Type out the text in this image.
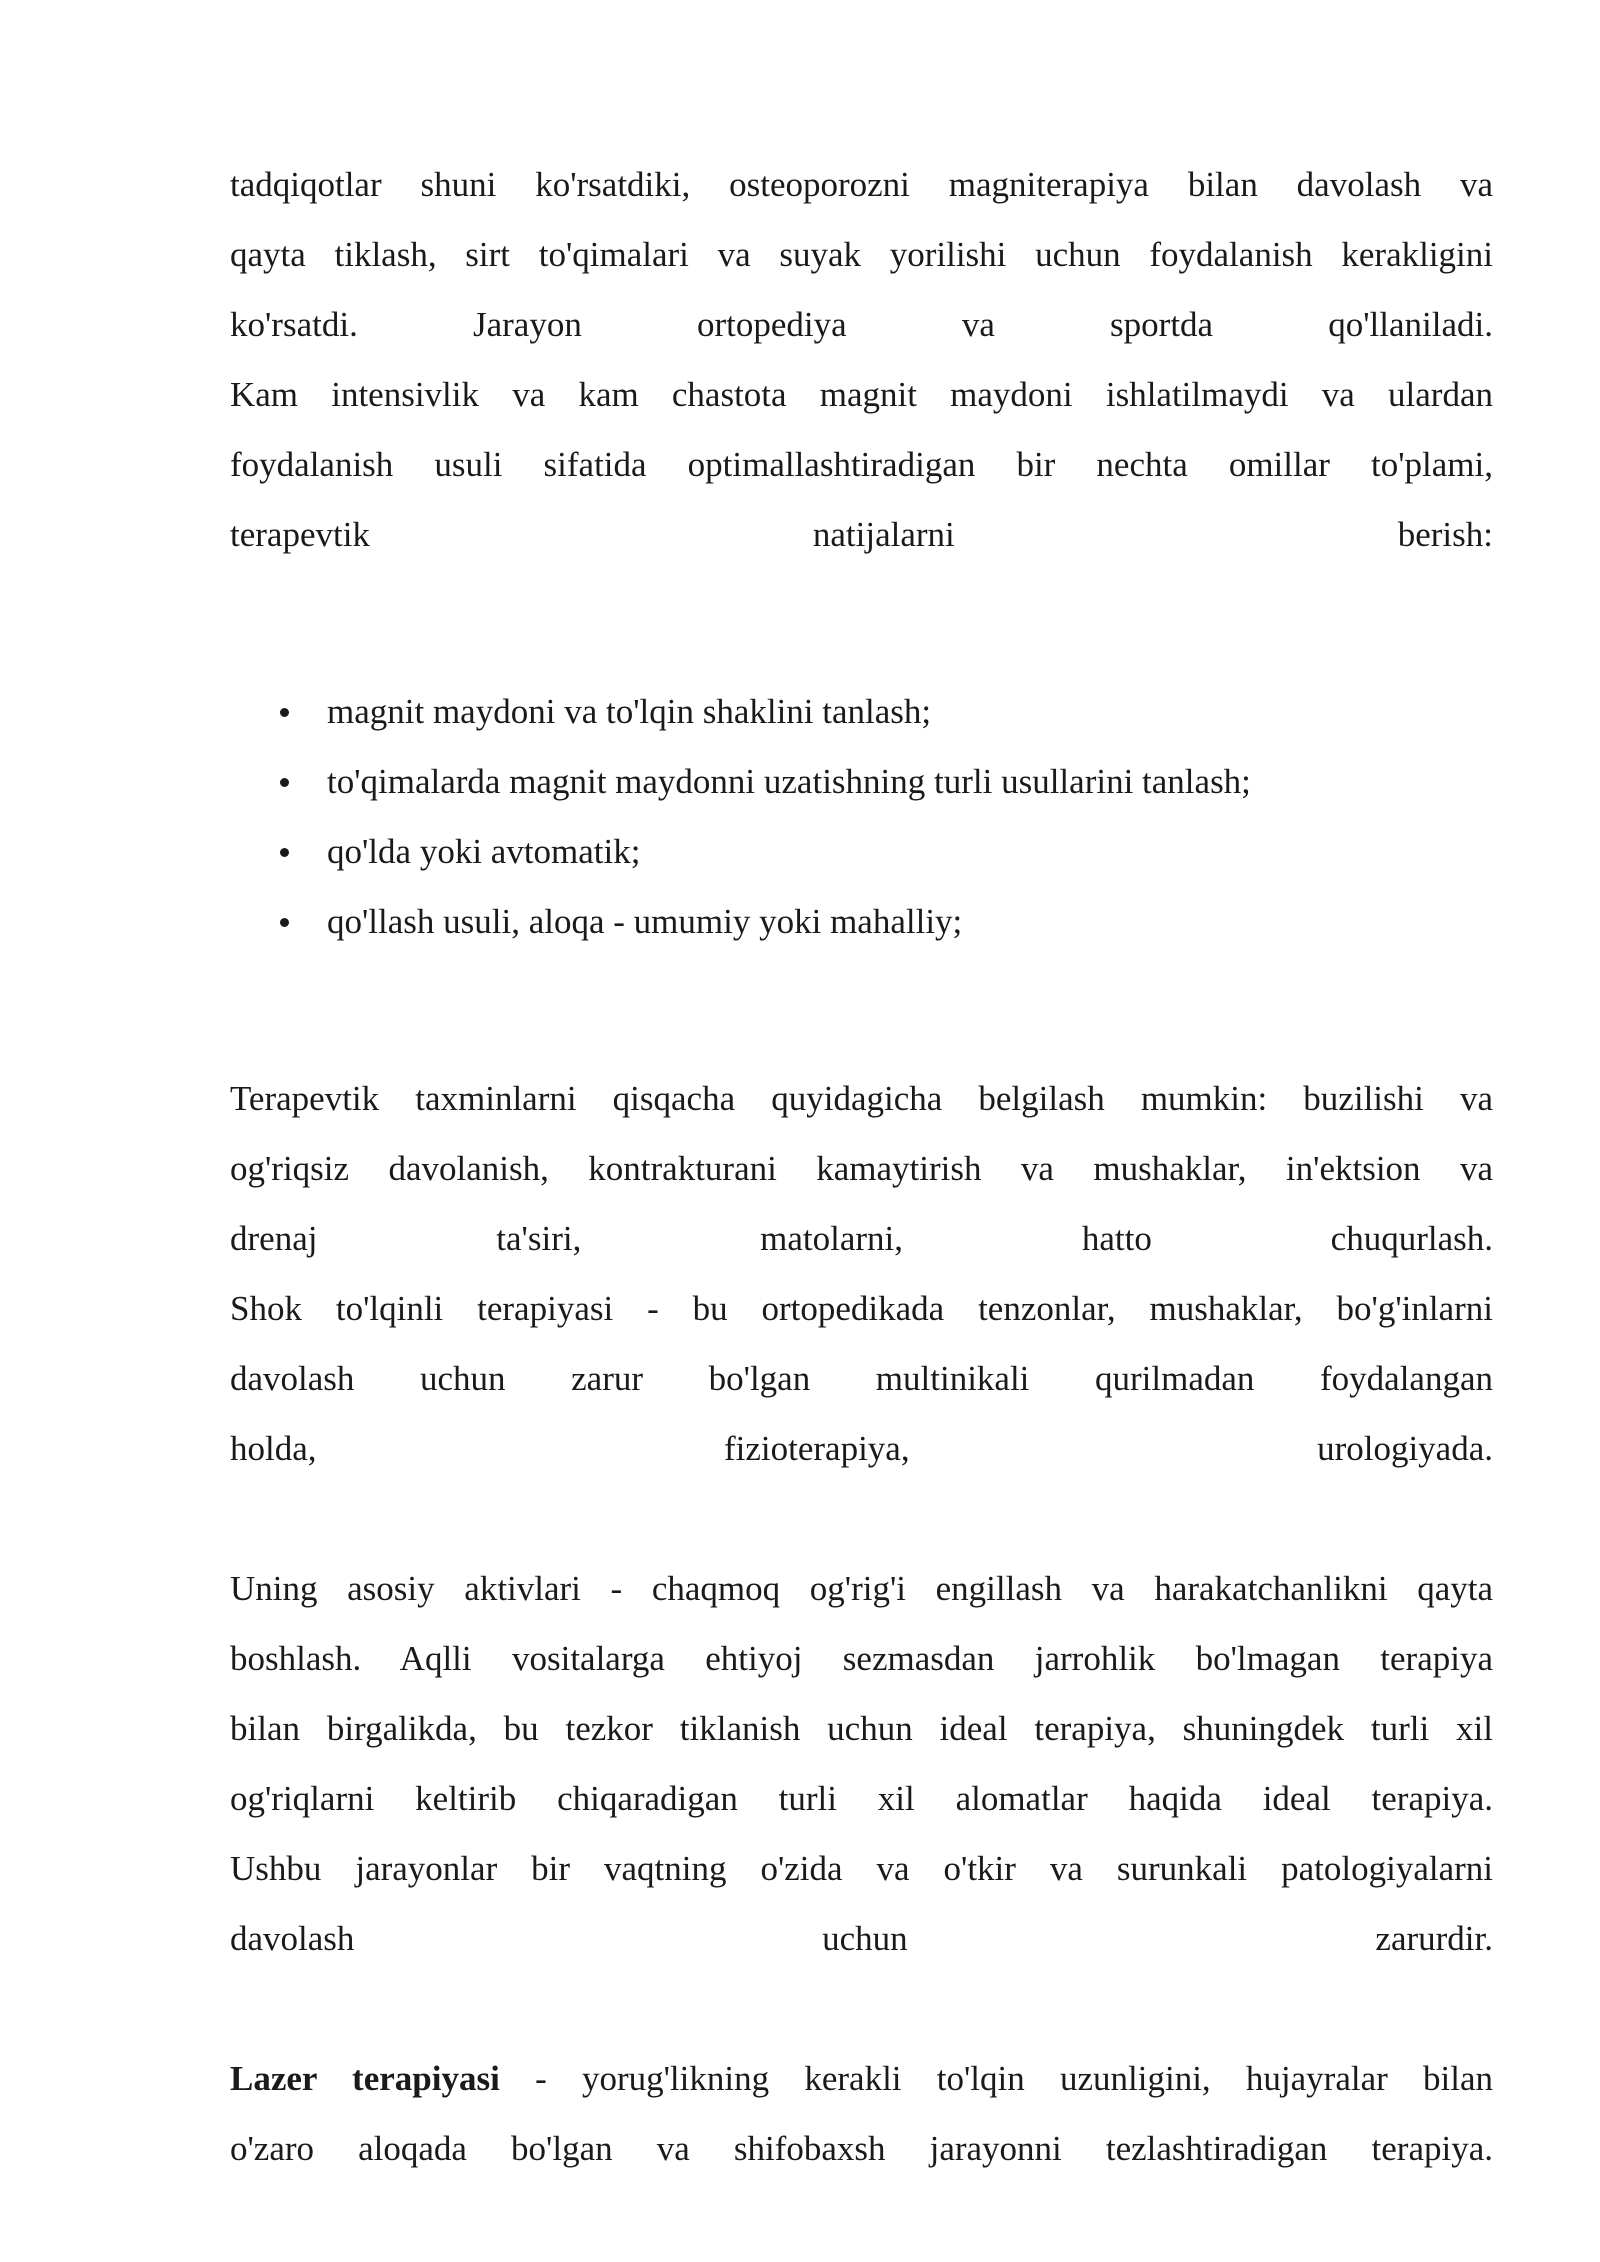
tadqiqotlar shuni ko'rsatdiki, osteoporozni magniterapiya bilan davolash va
qayta tiklash, sirt to'qimalari va suyak yorilishi uchun foydalanish kerakligini
ko'rsatdi. Jarayon ortopediya va sportda qo'llaniladi.
Kam intensivlik va kam chastota magnit maydoni ishlatilmaydi va ulardan
foydalanish usuli sifatida optimallashtiradigan bir nechta omillar to'plami,
terapevtik natijalarni berish:
magnit maydoni va to'lqin shaklini tanlash;
to'qimalarda magnit maydonni uzatishning turli usullarini tanlash;
qo'lda yoki avtomatik;
qo'llash usuli, aloqa - umumiy yoki mahalliy;
Terapevtik taxminlarni qisqacha quyidagicha belgilash mumkin: buzilishi va
og'riqsiz davolanish, kontrakturani kamaytirish va mushaklar, in'ektsion va
drenaj ta'siri, matolarni, hatto chuqurlash.
Shok to'lqinli terapiyasi - bu ortopedikada tenzonlar, mushaklar, bo'g'inlarni
davolash uchun zarur bo'lgan multinikali qurilmadan foydalangan
holda, fizioterapiya, urologiyada.
Uning asosiy aktivlari - chaqmoq og'rig'i engillash va harakatchanlikni qayta
boshlash. Aqlli vositalarga ehtiyoj sezmasdan jarrohlik bo'lmagan terapiya
bilan birgalikda, bu tezkor tiklanish uchun ideal terapiya, shuningdek turli xil
og'riqlarni keltirib chiqaradigan turli xil alomatlar haqida ideal terapiya.
Ushbu jarayonlar bir vaqtning o'zida va o'tkir va surunkali patologiyalarni
davolash uchun zarurdir.
Lazer terapiyasi - yorug'likning kerakli to'lqin uzunligini, hujayralar bilan
o'zaro aloqada bo'lgan va shifobaxsh jarayonni tezlashtiradigan terapiya.
